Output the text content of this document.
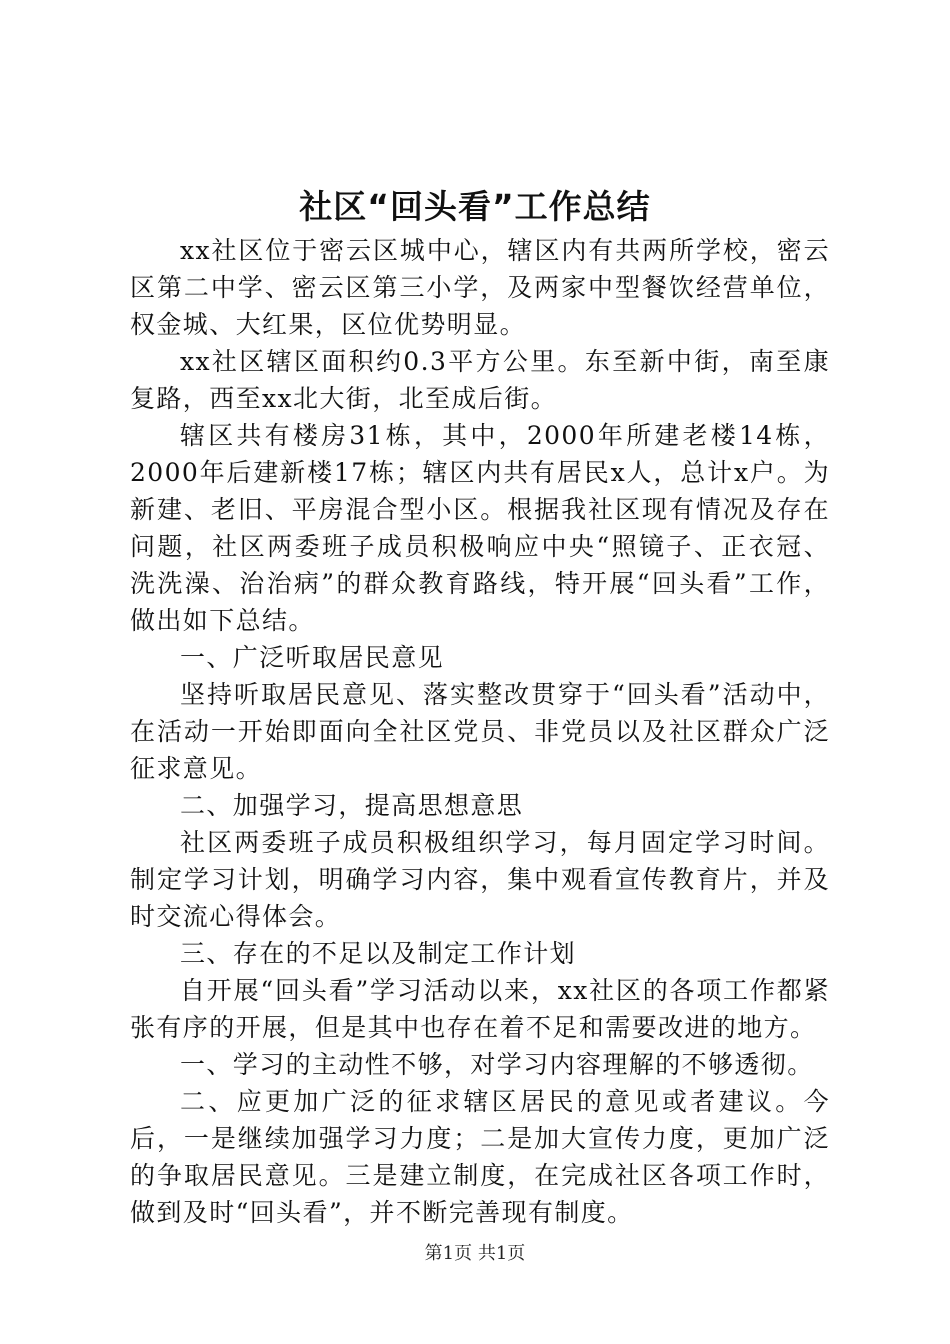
社区“回头看”工作总结

xx社区位于密云区城中心，辖区内有共两所学校，密云区第二中学、密云区第三小学，及两家中型餐饮经营单位，权金城、大红果，区位优势明显。

xx社区辖区面积约0.3平方公里。东至新中街，南至康复路，西至xx北大街，北至成后街。

辖区共有楼房31栋，其中，2000年所建老楼14栋，2000年后建新楼17栋；辖区内共有居民x人，总计x户。为新建、老旧、平房混合型小区。根据我社区现有情况及存在问题，社区两委班子成员积极响应中央“照镜子、正衣冠、洗洗澡、治治病”的群众教育路线，特开展“回头看”工作，做出如下总结。

一、广泛听取居民意见

坚持听取居民意见、落实整改贯穿于“回头看”活动中，在活动一开始即面向全社区党员、非党员以及社区群众广泛征求意见。

二、加强学习，提高思想意思

社区两委班子成员积极组织学习，每月固定学习时间。制定学习计划，明确学习内容，集中观看宣传教育片，并及时交流心得体会。

三、存在的不足以及制定工作计划

自开展“回头看”学习活动以来，xx社区的各项工作都紧张有序的开展，但是其中也存在着不足和需要改进的地方。

一、学习的主动性不够，对学习内容理解的不够透彻。

二、应更加广泛的征求辖区居民的意见或者建议。今后，一是继续加强学习力度；二是加大宣传力度，更加广泛的争取居民意见。三是建立制度，在完成社区各项工作时，做到及时“回头看”，并不断完善现有制度。

第1页 共1页
